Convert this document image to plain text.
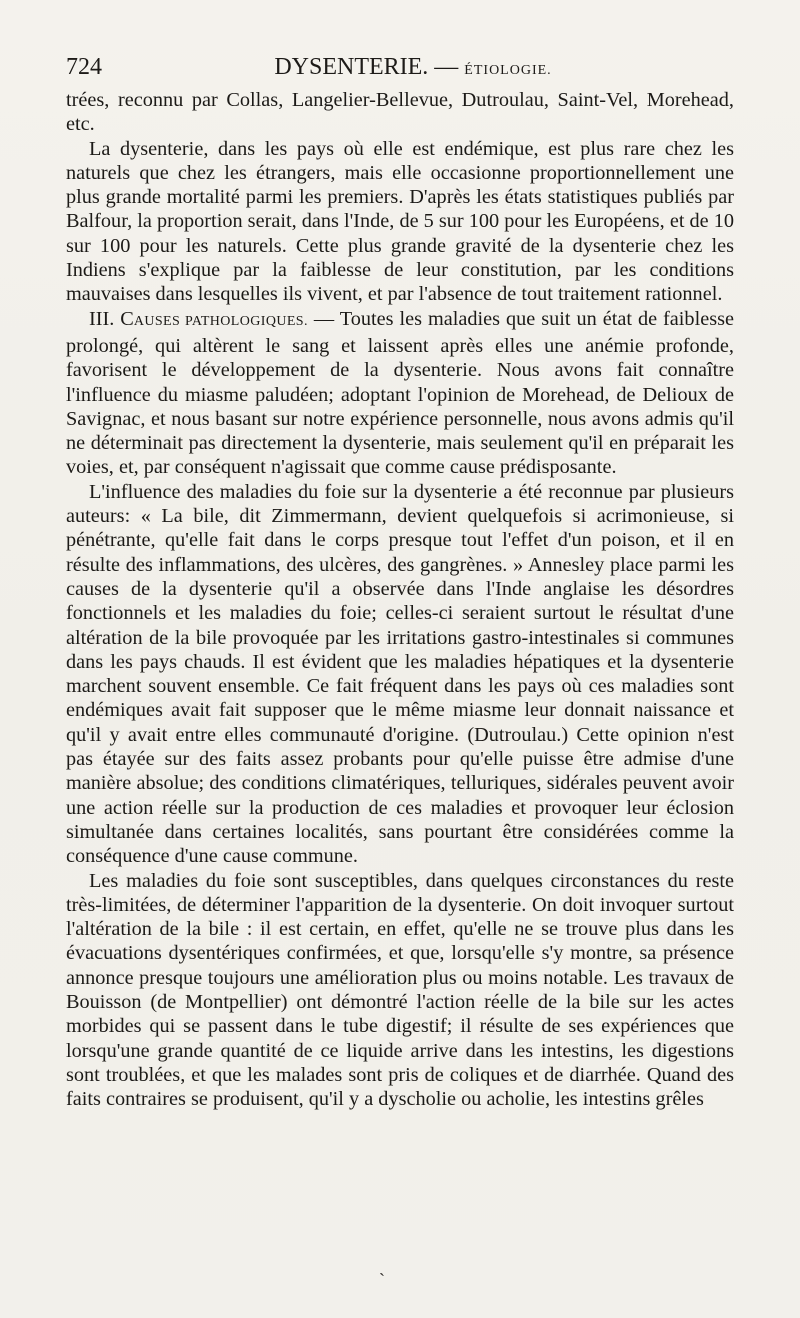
724	DYSENTERIE. — ÉTIOLOGIE.

trées, reconnu par Collas, Langelier-Bellevue, Dutroulau, Saint-Vel, Morehead, etc.

La dysenterie, dans les pays où elle est endémique, est plus rare chez les naturels que chez les étrangers, mais elle occasionne proportionnellement une plus grande mortalité parmi les premiers. D'après les états statistiques publiés par Balfour, la proportion serait, dans l'Inde, de 5 sur 100 pour les Européens, et de 10 sur 100 pour les naturels. Cette plus grande gravité de la dysenterie chez les Indiens s'explique par la faiblesse de leur constitution, par les conditions mauvaises dans lesquelles ils vivent, et par l'absence de tout traitement rationnel.

III. CAUSES PATHOLOGIQUES. — Toutes les maladies que suit un état de faiblesse prolongé, qui altèrent le sang et laissent après elles une anémie profonde, favorisent le développement de la dysenterie. Nous avons fait connaître l'influence du miasme paludéen; adoptant l'opinion de Morehead, de Delioux de Savignac, et nous basant sur notre expérience personnelle, nous avons admis qu'il ne déterminait pas directement la dysenterie, mais seulement qu'il en préparait les voies, et, par conséquent n'agissait que comme cause prédisposante.

L'influence des maladies du foie sur la dysenterie a été reconnue par plusieurs auteurs: « La bile, dit Zimmermann, devient quelquefois si acrimonieuse, si pénétrante, qu'elle fait dans le corps presque tout l'effet d'un poison, et il en résulte des inflammations, des ulcères, des gangrènes. » Annesley place parmi les causes de la dysenterie qu'il a observée dans l'Inde anglaise les désordres fonctionnels et les maladies du foie; celles-ci seraient surtout le résultat d'une altération de la bile provoquée par les irritations gastro-intestinales si communes dans les pays chauds. Il est évident que les maladies hépatiques et la dysenterie marchent souvent ensemble. Ce fait fréquent dans les pays où ces maladies sont endémiques avait fait supposer que le même miasme leur donnait naissance et qu'il y avait entre elles communauté d'origine. (Dutroulau.) Cette opinion n'est pas étayée sur des faits assez probants pour qu'elle puisse être admise d'une manière absolue; des conditions climatériques, telluriques, sidérales peuvent avoir une action réelle sur la production de ces maladies et provoquer leur éclosion simultanée dans certaines localités, sans pourtant être considérées comme la conséquence d'une cause commune.

Les maladies du foie sont susceptibles, dans quelques circonstances du reste très-limitées, de déterminer l'apparition de la dysenterie. On doit invoquer surtout l'altération de la bile : il est certain, en effet, qu'elle ne se trouve plus dans les évacuations dysentériques confirmées, et que, lorsqu'elle s'y montre, sa présence annonce presque toujours une amélioration plus ou moins notable. Les travaux de Bouisson (de Montpellier) ont démontré l'action réelle de la bile sur les actes morbides qui se passent dans le tube digestif; il résulte de ses expériences que lorsqu'une grande quantité de ce liquide arrive dans les intestins, les digestions sont troublées, et que les malades sont pris de coliques et de diarrhée. Quand des faits contraires se produisent, qu'il y a dyscholie ou acholie, les intestins grêles

`
